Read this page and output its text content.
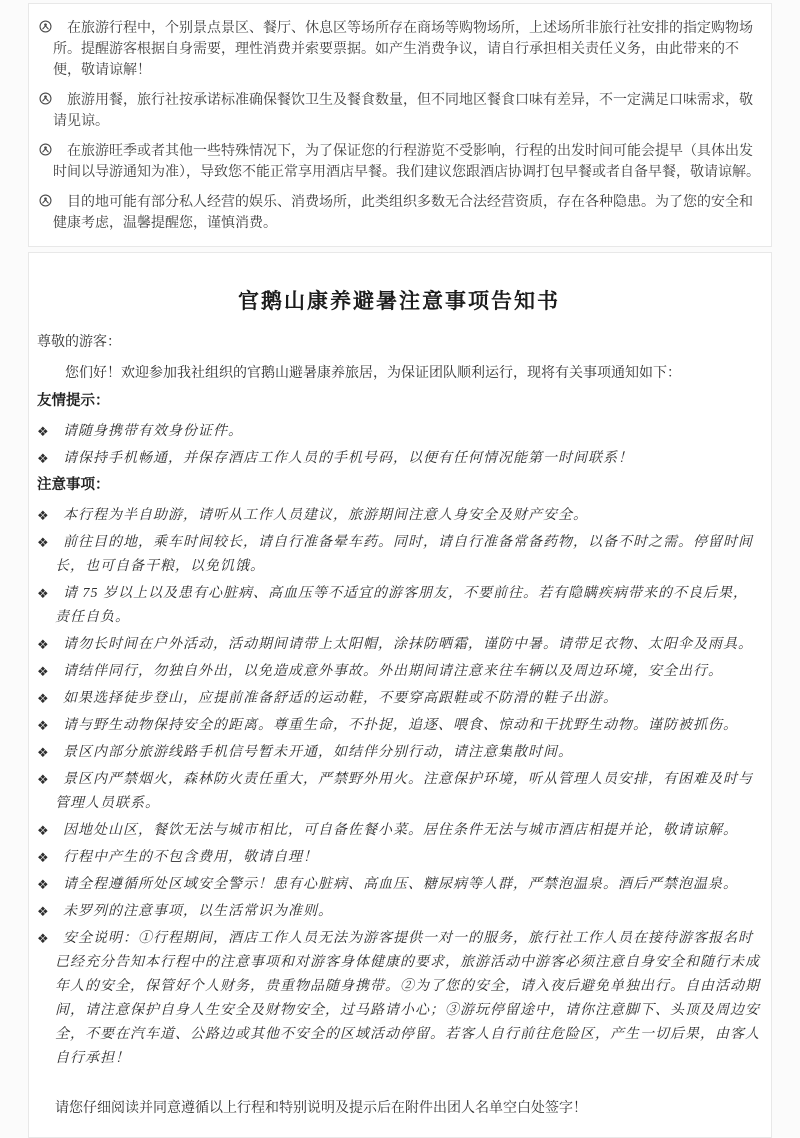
在旅游行程中，个别景点景区、餐厅、休息区等场所存在商场等购物场所，上述场所非旅行社安排的指定购物场所。提醒游客根据自身需要，理性消费并索要票据。如产生消费争议，请自行承担相关责任义务，由此带来的不便，敬请谅解！

旅游用餐，旅行社按承诺标准确保餐饮卫生及餐食数量，但不同地区餐食口味有差异，不一定满足口味需求，敬请见谅。

在旅游旺季或者其他一些特殊情况下，为了保证您的行程游览不受影响，行程的出发时间可能会提早（具体出发时间以导游通知为准），导致您不能正常享用酒店早餐。我们建议您跟酒店协调打包早餐或者自备早餐，敬请谅解。

目的地可能有部分私人经营的娱乐、消费场所，此类组织多数无合法经营资质，存在各种隐患。为了您的安全和健康考虑，温馨提醒您，谨慎消费。

官鹅山康养避暑注意事项告知书

尊敬的游客：

您们好！欢迎参加我社组织的官鹅山避暑康养旅居，为保证团队顺利运行，现将有关事项通知如下：

友情提示：
❖	请随身携带有效身份证件。

❖	请保持手机畅通，并保存酒店工作人员的手机号码，以便有任何情况能第一时间联系！

注意事项：
❖	本行程为半自助游，请听从工作人员建议，旅游期间注意人身安全及财产安全。

❖	前往目的地，乘车时间较长，请自行准备晕车药。同时，请自行准备常备药物，以备不时之需。停留时间长，也可自备干粮，以免饥饿。

❖	请 75 岁以上以及患有心脏病、高血压等不适宜的游客朋友，不要前往。若有隐瞒疾病带来的不良后果，责任自负。

❖	请勿长时间在户外活动，活动期间请带上太阳帽，涂抹防晒霜，谨防中暑。请带足衣物、太阳伞及雨具。

❖	请结伴同行，勿独自外出，以免造成意外事故。外出期间请注意来往车辆以及周边环境，安全出行。

❖	如果选择徒步登山，应提前准备舒适的运动鞋，不要穿高跟鞋或不防滑的鞋子出游。

❖	请与野生动物保持安全的距离。尊重生命，不扑捉，追逐、喂食、惊动和干扰野生动物。谨防被抓伤。

❖	景区内部分旅游线路手机信号暂未开通，如结伴分别行动，请注意集散时间。

❖	景区内严禁烟火，森林防火责任重大，严禁野外用火。注意保护环境，听从管理人员安排，有困难及时与管理人员联系。

❖	因地处山区，餐饮无法与城市相比，可自备佐餐小菜。居住条件无法与城市酒店相提并论，敬请谅解。

❖	行程中产生的不包含费用，敬请自理！

❖	请全程遵循所处区域安全警示！患有心脏病、高血压、糖尿病等人群，严禁泡温泉。酒后严禁泡温泉。

❖	未罗列的注意事项，以生活常识为准则。

❖	安全说明：①行程期间，酒店工作人员无法为游客提供一对一的服务，旅行社工作人员在接待游客报名时已经充分告知本行程中的注意事项和对游客身体健康的要求，旅游活动中游客必须注意自身安全和随行未成年人的安全，保管好个人财务，贵重物品随身携带。②为了您的安全，请入夜后避免单独出行。自由活动期间，请注意保护自身人生安全及财物安全，过马路请小心；③游玩停留途中，请你注意脚下、头顶及周边安全，不要在汽车道、公路边或其他不安全的区域活动停留。若客人自行前往危险区，产生一切后果，由客人自行承担！

请您仔细阅读并同意遵循以上行程和特别说明及提示后在附件出团人名单空白处签字！
